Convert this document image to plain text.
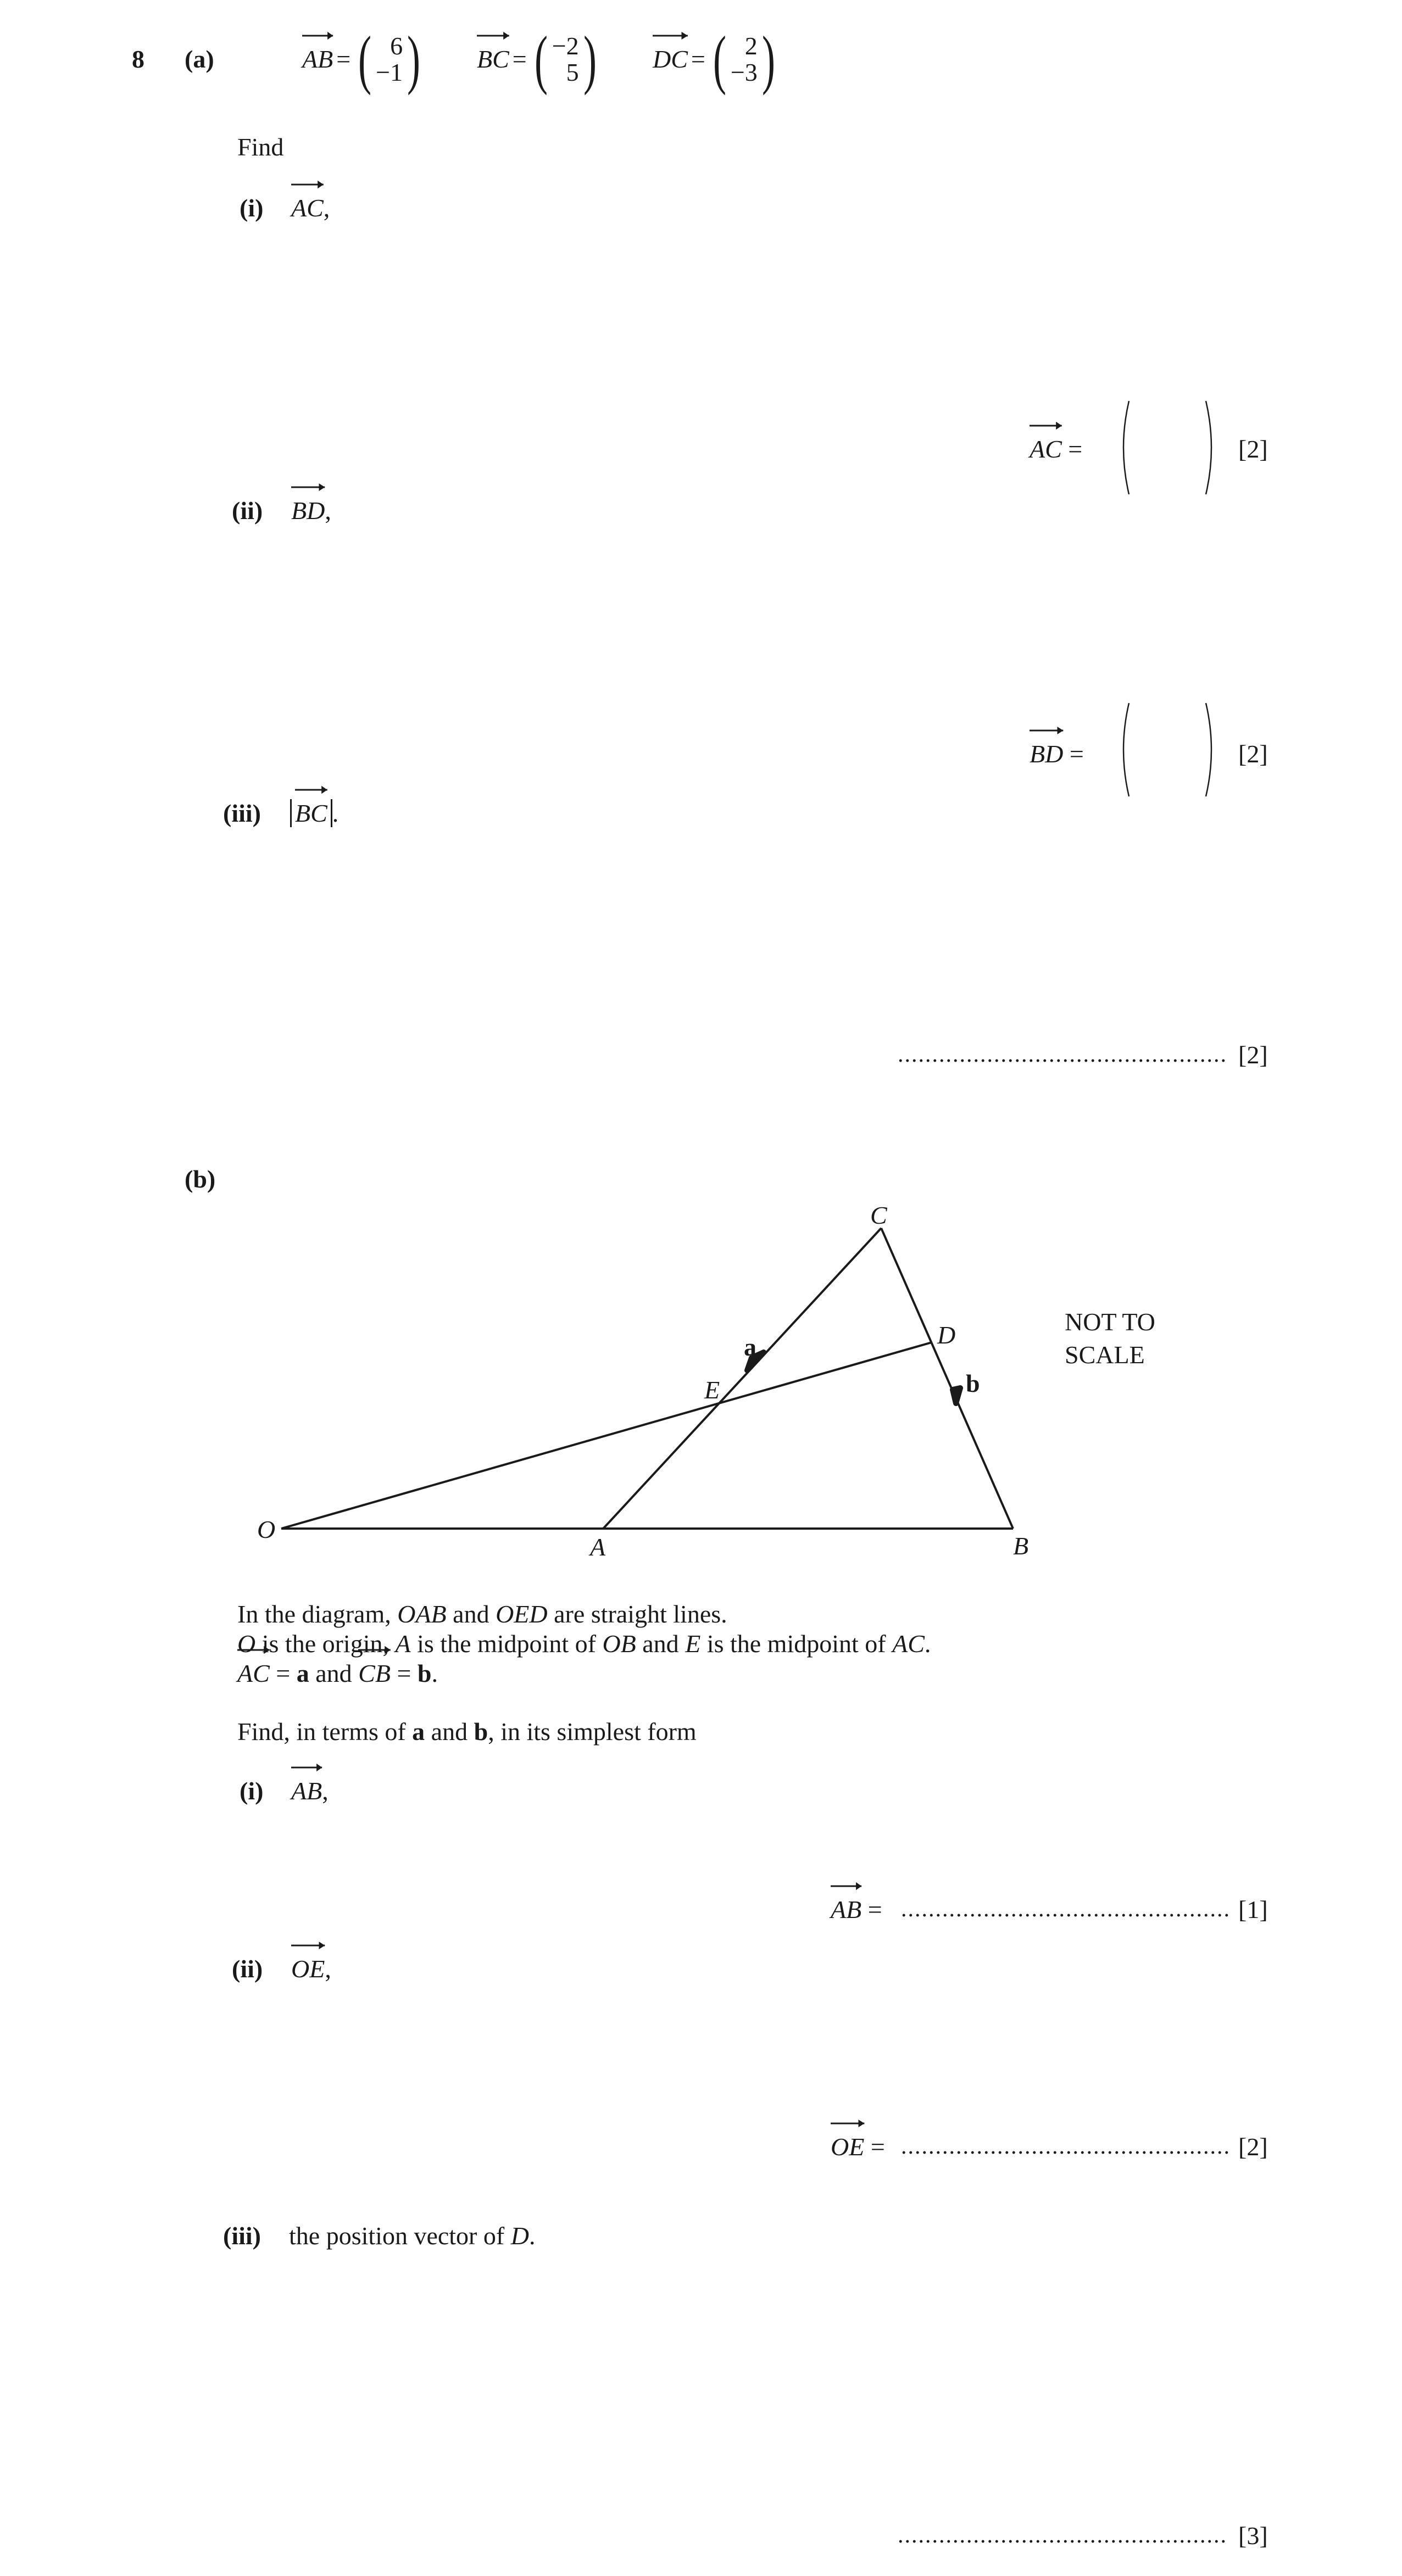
8 (a)	AB = ( 6
−1 ) BC = ( −2
5 ) DC = ( 2
−3 )
Find
(i) AC
,
AC =	[2]
(ii) BD
,
BD =	[2]
(iii) BC .
................................................ [2]
(b)
O
A	B
C
D
E
a
b
NOT TO
SCALE
In the diagram, OAB and OED are straight lines.
O is the origin, A is the midpoint of OB and E is the midpoint of AC.
AC
= a and CB
= b.
Find, in terms of a and b, in its simplest form
(i) AB
,
AB = ................................................ [1]
(ii) OE
,
OE = ................................................ [2]
(iii) the position vector of D.
................................................ [3]
